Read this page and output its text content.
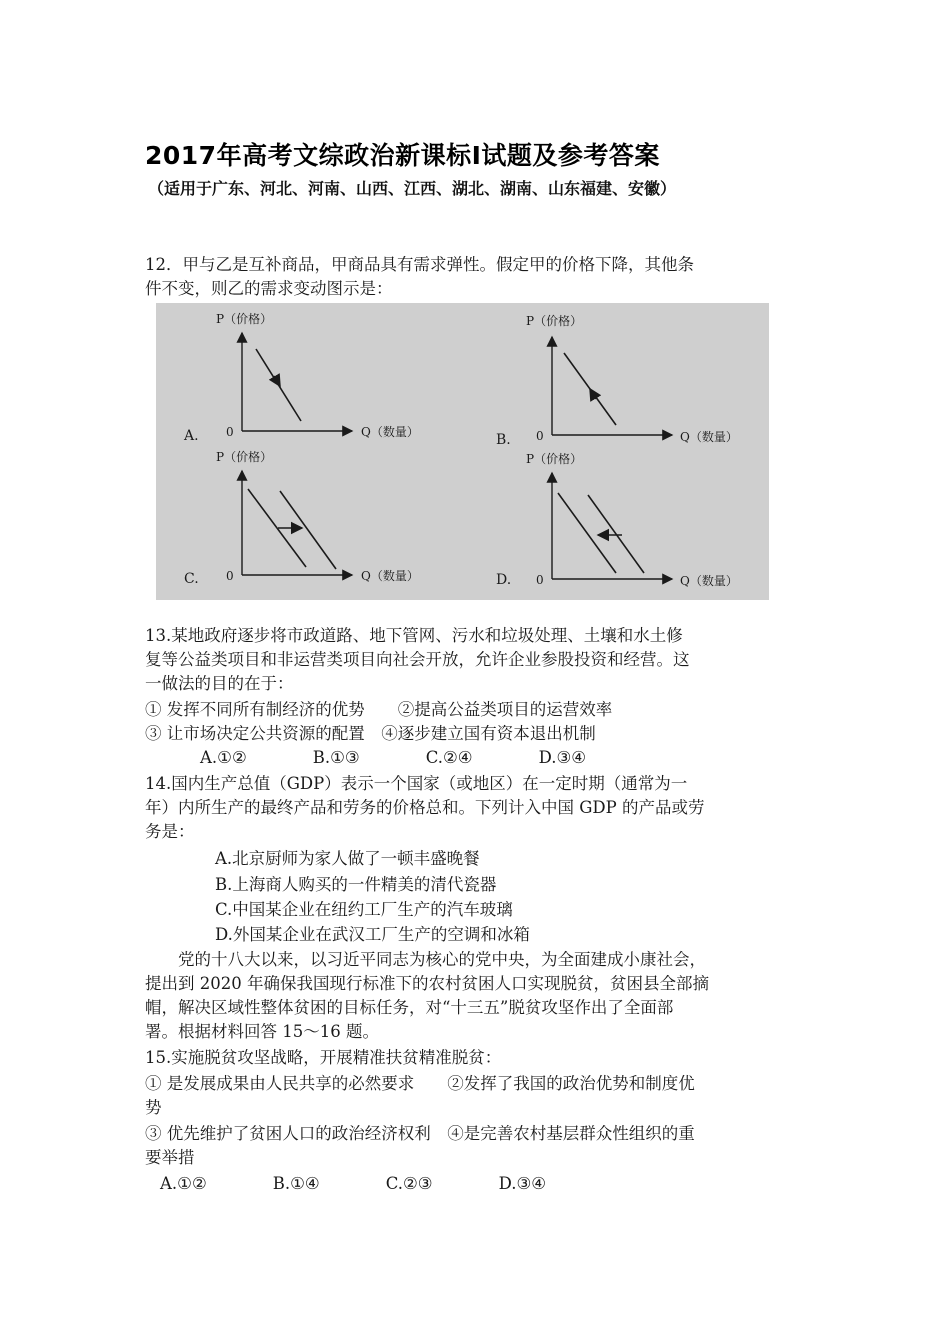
2017年高考文综政治新课标Ⅰ试题及参考答案
（适用于广东、河北、河南、山西、江西、湖北、湖南、山东福建、安徽）
12．甲与乙是互补商品，甲商品具有需求弹性。假定甲的价格下降，其他条
件不变，则乙的需求变动图示是：
P（价格）
Q（数量）
0
A.
P（价格）
Q（数量）
0
B.
P（价格）
Q（数量）
0
C.
P（价格）
Q（数量）
0
D.
13.某地政府逐步将市政道路、地下管网、污水和垃圾处理、土壤和水土修
复等公益类项目和非运营类项目向社会开放，允许企业参股投资和经营。这
一做法的目的在于：
① 发挥不同所有制经济的优势　　②提高公益类项目的运营效率
③ 让市场决定公共资源的配置　④逐步建立国有资本退出机制
A.①②　　　　B.①③　　　　C.②④　　　　D.③④
14.国内生产总值（GDP）表示一个国家（或地区）在一定时期（通常为一
年）内所生产的最终产品和劳务的价格总和。下列计入中国 GDP 的产品或劳
务是：
A.北京厨师为家人做了一顿丰盛晚餐
B.上海商人购买的一件精美的清代瓷器
C.中国某企业在纽约工厂生产的汽车玻璃
D.外国某企业在武汉工厂生产的空调和冰箱
　　党的十八大以来，以习近平同志为核心的党中央，为全面建成小康社会，
提出到 2020 年确保我国现行标准下的农村贫困人口实现脱贫，贫困县全部摘
帽，解决区域性整体贫困的目标任务，对“十三五”脱贫攻坚作出了全面部
署。根据材料回答 15～16 题。
15.实施脱贫攻坚战略，开展精准扶贫精准脱贫：
① 是发展成果由人民共享的必然要求　　②发挥了我国的政治优势和制度优
势
③ 优先维护了贫困人口的政治经济权利　④是完善农村基层群众性组织的重
要举措
A.①②　　　　B.①④　　　　C.②③　　　　D.③④
